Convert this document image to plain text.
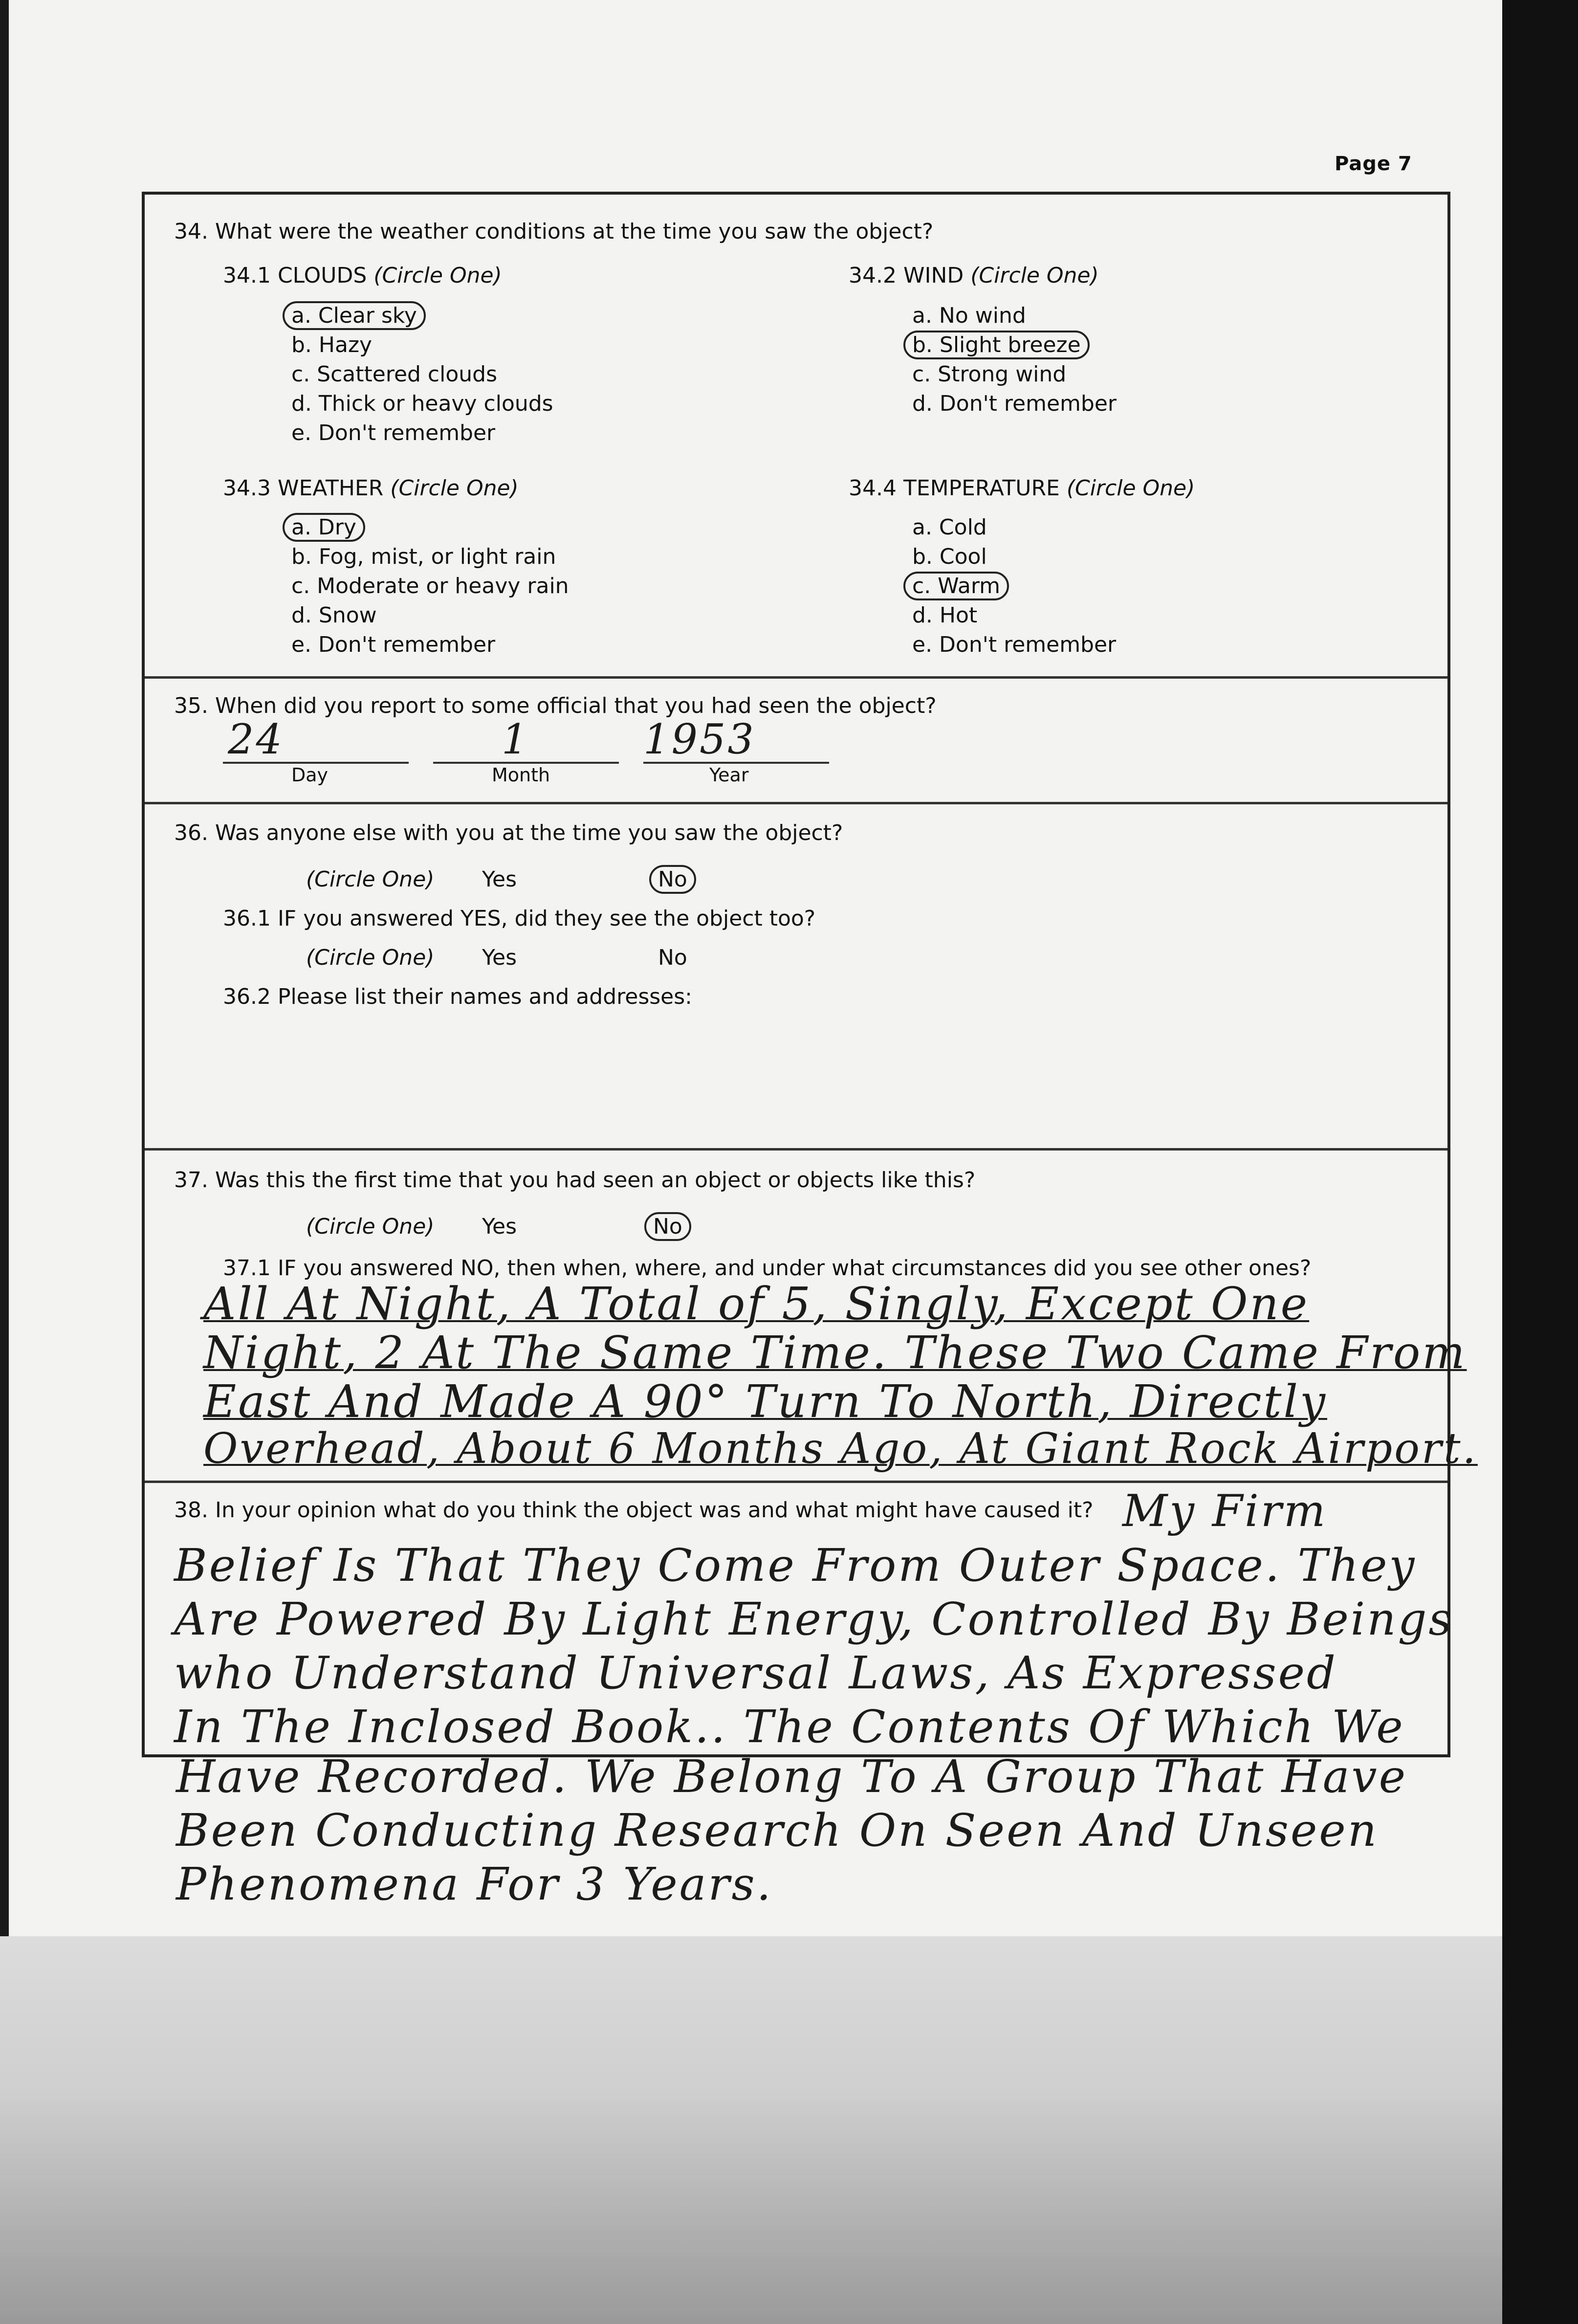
Page 7
34. What were the weather conditions at the time you saw the object?
34.1 CLOUDS (Circle One)
a. Clear sky
b. Hazy
c. Scattered clouds
d. Thick or heavy clouds
e. Don't remember
34.2 WIND (Circle One)
a. No wind
b. Slight breeze
c. Strong wind
d. Don't remember
34.3 WEATHER (Circle One)
a. Dry
b. Fog, mist, or light rain
c. Moderate or heavy rain
d. Snow
e. Don't remember
34.4 TEMPERATURE (Circle One)
a. Cold
b. Cool
c. Warm
d. Hot
e. Don't remember
35. When did you report to some official that you had seen the object?
24	1	1953
Day	Month	Year
36. Was anyone else with you at the time you saw the object?
(Circle One) Yes	No
36.1 IF you answered YES, did they see the object too?
(Circle One) Yes	No
36.2 Please list their names and addresses:
37. Was this the first time that you had seen an object or objects like this?
(Circle One) Yes	No
37.1 IF you answered NO, then when, where, and under what circumstances did you see other ones?
All At Night, A Total of 5, Singly, Except One
Night, 2 At The Same Time. These Two Came From
East And Made A 90° Turn To North, Directly
Overhead, About 6 Months Ago, At Giant Rock Airport.
38. In your opinion what do you think the object was and what might have caused it? My Firm
Belief Is That They Come From Outer Space. They
Are Powered By Light Energy, Controlled By Beings
who Understand Universal Laws, As Expressed
In The Inclosed Book.. The Contents Of Which We
Have Recorded. We Belong To A Group That Have
Been Conducting Research On Seen And Unseen
Phenomena For 3 Years.
